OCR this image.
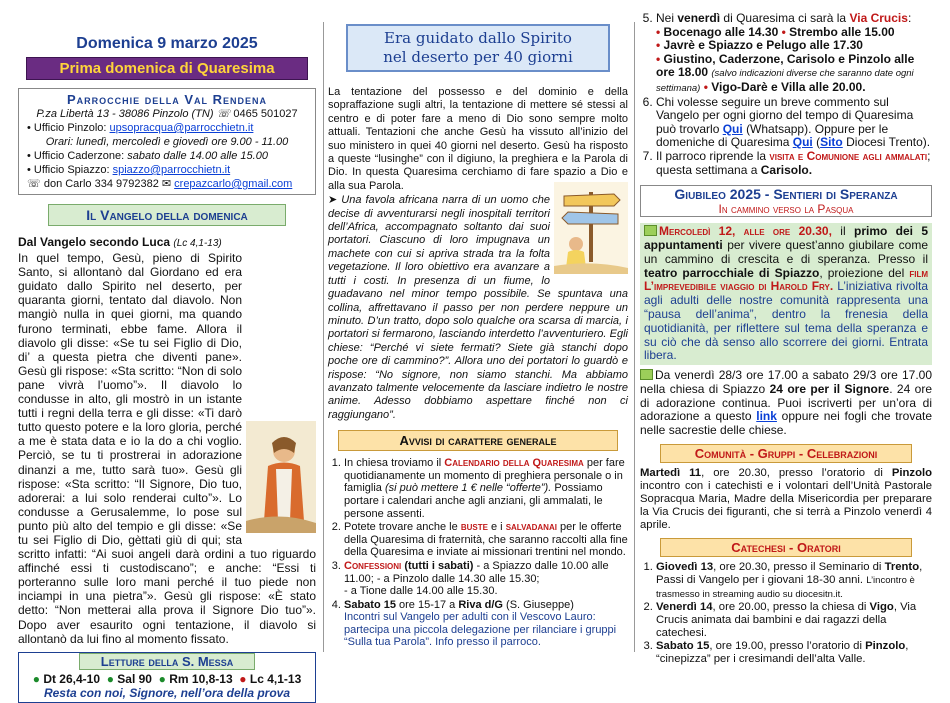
Domenica 9 marzo 2025
Prima domenica di Quaresima
Parrocchie della Val Rendena
P.za Libertà 13 - 38086 Pinzolo (TN) ☏ 0465 501027
• Ufficio Pinzolo: upsopracqua@parrocchietn.it
Orari: lunedì, mercoledì e giovedì ore 9.00 - 11.00
• Ufficio Caderzone: sabato dalle 14.00 alle 15.00
• Ufficio Spiazzo: spiazzo@parrocchietn.it
☏ don Carlo 334 9792382 ✉ crepazcarlo@gmail.com
Il Vangelo della domenica
Dal Vangelo secondo Luca (Lc 4,1-13)
In quel tempo, Gesù, pieno di Spirito Santo, si allontanò dal Giordano ed era guidato dallo Spirito nel deserto, per quaranta giorni, tentato dal diavolo. Non mangiò nulla in quei giorni, ma quando furono terminati, ebbe fame. Allora il diavolo gli disse: «Se tu sei Figlio di Dio, di’ a questa pietra che diventi pane». Gesù gli rispose: «Sta scritto: “Non di solo pane vivrà l’uomo”». Il diavolo lo condusse in alto, gli mostrò in un istante tutti i regni della terra e gli disse: «Ti darò tutto questo potere e la loro gloria, perché a me è stata data e io la do a chi voglio. Perciò, se tu ti prostrerai in adorazione dinanzi a me, tutto sarà tuo». Gesù gli rispose: «Sta scritto: “Il Signore, Dio tuo, adorerai: a lui solo renderai culto”». Lo condusse a Gerusalemme, lo pose sul punto più alto del tempio e gli disse: «Se tu sei Figlio di Dio, gèttati giù di qui; sta scritto infatti: “Ai suoi angeli darà ordini a tuo riguardo affinché essi ti custodiscano”; e anche: “Essi ti porteranno sulle loro mani perché il tuo piede non inciampi in una pietra”». Gesù gli rispose: «È stato detto: “Non metterai alla prova il Signore Dio tuo”». Dopo aver esaurito ogni tentazione, il diavolo si allontanò da lui fino al momento fissato.
Letture della S. Messa
● Dt 26,4-10 ● Sal 90 ● Rm 10,8-13 ● Lc 4,1-13
Resta con noi, Signore, nell’ora della prova
Era guidato dallo Spirito
nel deserto per 40 giorni
La tentazione del possesso e del dominio e della sopraffazione sugli altri, la tentazione di mettere sé stessi al centro e di poter fare a meno di Dio sono sempre molto attuali. Tentazioni che anche Gesù ha vissuto all’inizio del suo ministero in quei 40 giorni nel deserto. Gesù ha risposto a queste “lusinghe” con il digiuno, la preghiera e la Parola di Dio. In questa Quaresima cerchiamo di fare spazio a Dio e alla sua Parola.
➤ Una favola africana narra di un uomo che decise di avventurarsi negli inospitali territori dell’Africa, accompagnato soltanto dai suoi portatori. Ciascuno di loro impugnava un machete con cui si apriva strada tra la folta vegetazione. Il loro obiettivo era avanzare a tutti i costi. In presenza di un fiume, lo guadavano nel minor tempo possibile. Se spuntava una collina, affrettavano il passo per non perdere neppure un minuto. D’un tratto, dopo solo qualche ora scarsa di marcia, i portatori si fermarono, lasciando interdetto l’avventuriero. Egli chiese: “Perché vi siete fermati? Siete già stanchi dopo poche ore di cammino?”. Allora uno dei portatori lo guardò e rispose: “No signore, non siamo stanchi. Ma abbiamo avanzato talmente velocemente da lasciare indietro le nostre anime. Adesso dobbiamo aspettare finché non ci raggiungano”.
Avvisi di carattere generale
1. In chiesa troviamo il Calendario della Quaresima per fare quotidianamente un momento di preghiera personale o in famiglia (si può mettere 1 € nelle “offerte”). Possiamo portare i calendari anche agli anziani, gli ammalati, le persone assenti.
2. Potete trovare anche le buste e i salvadanai per le offerte della Quaresima di fraternità, che saranno raccolti alla fine della Quaresima e inviate ai missionari trentini nel mondo.
3. Confessioni (tutti i sabati) - a Spiazzo dalle 10.00 alle 11.00; - a Pinzolo dalle 14.30 alle 15.30;
- a Tione dalle 14.00 alle 15.30.
4. Sabato 15 ore 15-17 a Riva d/G (S. Giuseppe)
Incontri sul Vangelo per adulti con il Vescovo Lauro: partecipa una piccola delegazione per rilanciare i gruppi “Sulla tua Parola”. Info presso il parroco.
5. Nei venerdì di Quaresima ci sarà la Via Crucis:
• Bocenago alle 14.30 • Strembo alle 15.00
• Javrè e Spiazzo e Pelugo alle 17.30
• Giustino, Caderzone, Carisolo e Pinzolo alle ore 18.00 (salvo indicazioni diverse che saranno date ogni settimana) • Vigo-Darè e Villa alle 20.00.
6. Chi volesse seguire un breve commento sul Vangelo per ogni giorno del tempo di Quaresima può trovarlo Qui (Whatsapp). Oppure per le domeniche di Quaresima Qui (Sito Diocesi Trento).
7. Il parroco riprende la visita e Comunione agli ammalati; questa settimana a Carisolo.
Giubileo 2025 - Sentieri di Speranza
In cammino verso la Pasqua
Mercoledì 12, alle ore 20.30, il primo dei 5 appuntamenti per vivere quest’anno giubilare come un cammino di crescita e di speranza. Presso il teatro parrocchiale di Spiazzo, proiezione del film L’imprevedibile viaggio di Harold Fry. L’iniziativa rivolta agli adulti delle nostre comunità rappresenta una “pausa dell’anima”, dentro la frenesia della quotidianità, per riflettere sul tema della speranza e su ciò che dà senso allo scorrere dei giorni. Entrata libera.
Da venerdì 28/3 ore 17.00 a sabato 29/3 ore 17.00 nella chiesa di Spiazzo 24 ore per il Signore. 24 ore di adorazione continua. Puoi iscriverti per un’ora di adorazione a questo link oppure nei fogli che trovate nelle sacrestie delle chiese.
Comunità - Gruppi - Celebrazioni
Martedì 11, ore 20.30, presso l’oratorio di Pinzolo incontro con i catechisti e i volontari dell’Unità Pastorale Sopracqua Maria, Madre della Misericordia per preparare la Via Crucis dei figuranti, che si terrà a Pinzolo venerdì 4 aprile.
Catechesi - Oratori
1. Giovedì 13, ore 20.30, presso il Seminario di Trento, Passi di Vangelo per i giovani 18-30 anni. L’incontro è trasmesso in streaming audio su diocesitn.it.
2. Venerdì 14, ore 20.00, presso la chiesa di Vigo, Via Crucis animata dai bambini e dai ragazzi della catechesi.
3. Sabato 15, ore 19.00, presso l’oratorio di Pinzolo, “cinepizza” per i cresimandi dell’alta Valle.
